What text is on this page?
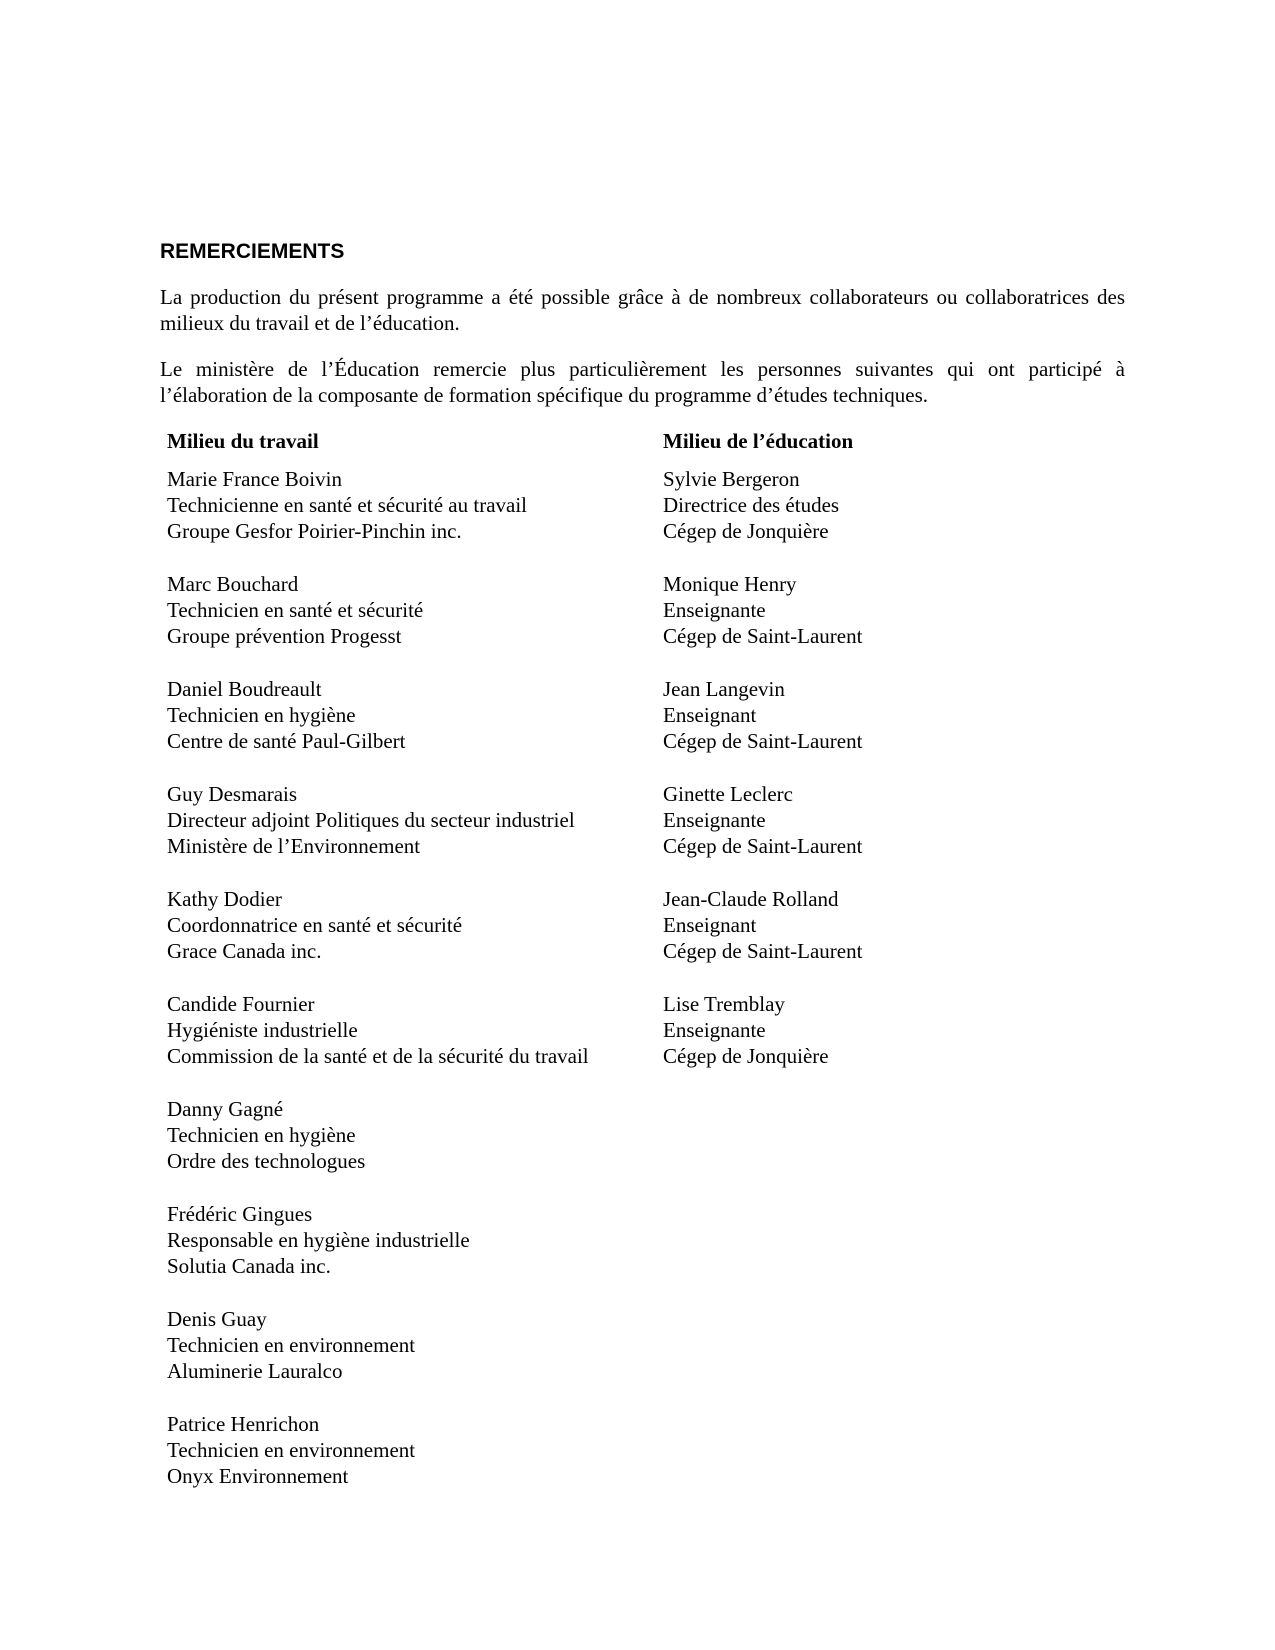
REMERCIEMENTS

La production du présent programme a été possible grâce à de nombreux collaborateurs ou collaboratrices des milieux du travail et de l’éducation.

Le ministère de l’Éducation remercie plus particulièrement les personnes suivantes qui ont participé à l’élaboration de la composante de formation spécifique du programme d’études techniques.

Milieu du travail
Marie France Boivin
Technicienne en santé et sécurité au travail
Groupe Gesfor Poirier-Pinchin inc.
Marc Bouchard
Technicien en santé et sécurité
Groupe prévention Progesst
Daniel Boudreault
Technicien en hygiène
Centre de santé Paul-Gilbert
Guy Desmarais
Directeur adjoint Politiques du secteur industriel
Ministère de l’Environnement
Kathy Dodier
Coordonnatrice en santé et sécurité
Grace Canada inc.
Candide Fournier
Hygiéniste industrielle
Commission de la santé et de la sécurité du travail
Danny Gagné
Technicien en hygiène
Ordre des technologues
Frédéric Gingues
Responsable en hygiène industrielle
Solutia Canada inc.
Denis Guay
Technicien en environnement
Aluminerie Lauralco
Patrice Henrichon
Technicien en environnement
Onyx Environnement
Milieu de l’éducation
Sylvie Bergeron
Directrice des études
Cégep de Jonquière
Monique Henry
Enseignante
Cégep de Saint-Laurent
Jean Langevin
Enseignant
Cégep de Saint-Laurent
Ginette Leclerc
Enseignante
Cégep de Saint-Laurent
Jean-Claude Rolland
Enseignant
Cégep de Saint-Laurent
Lise Tremblay
Enseignante
Cégep de Jonquière
